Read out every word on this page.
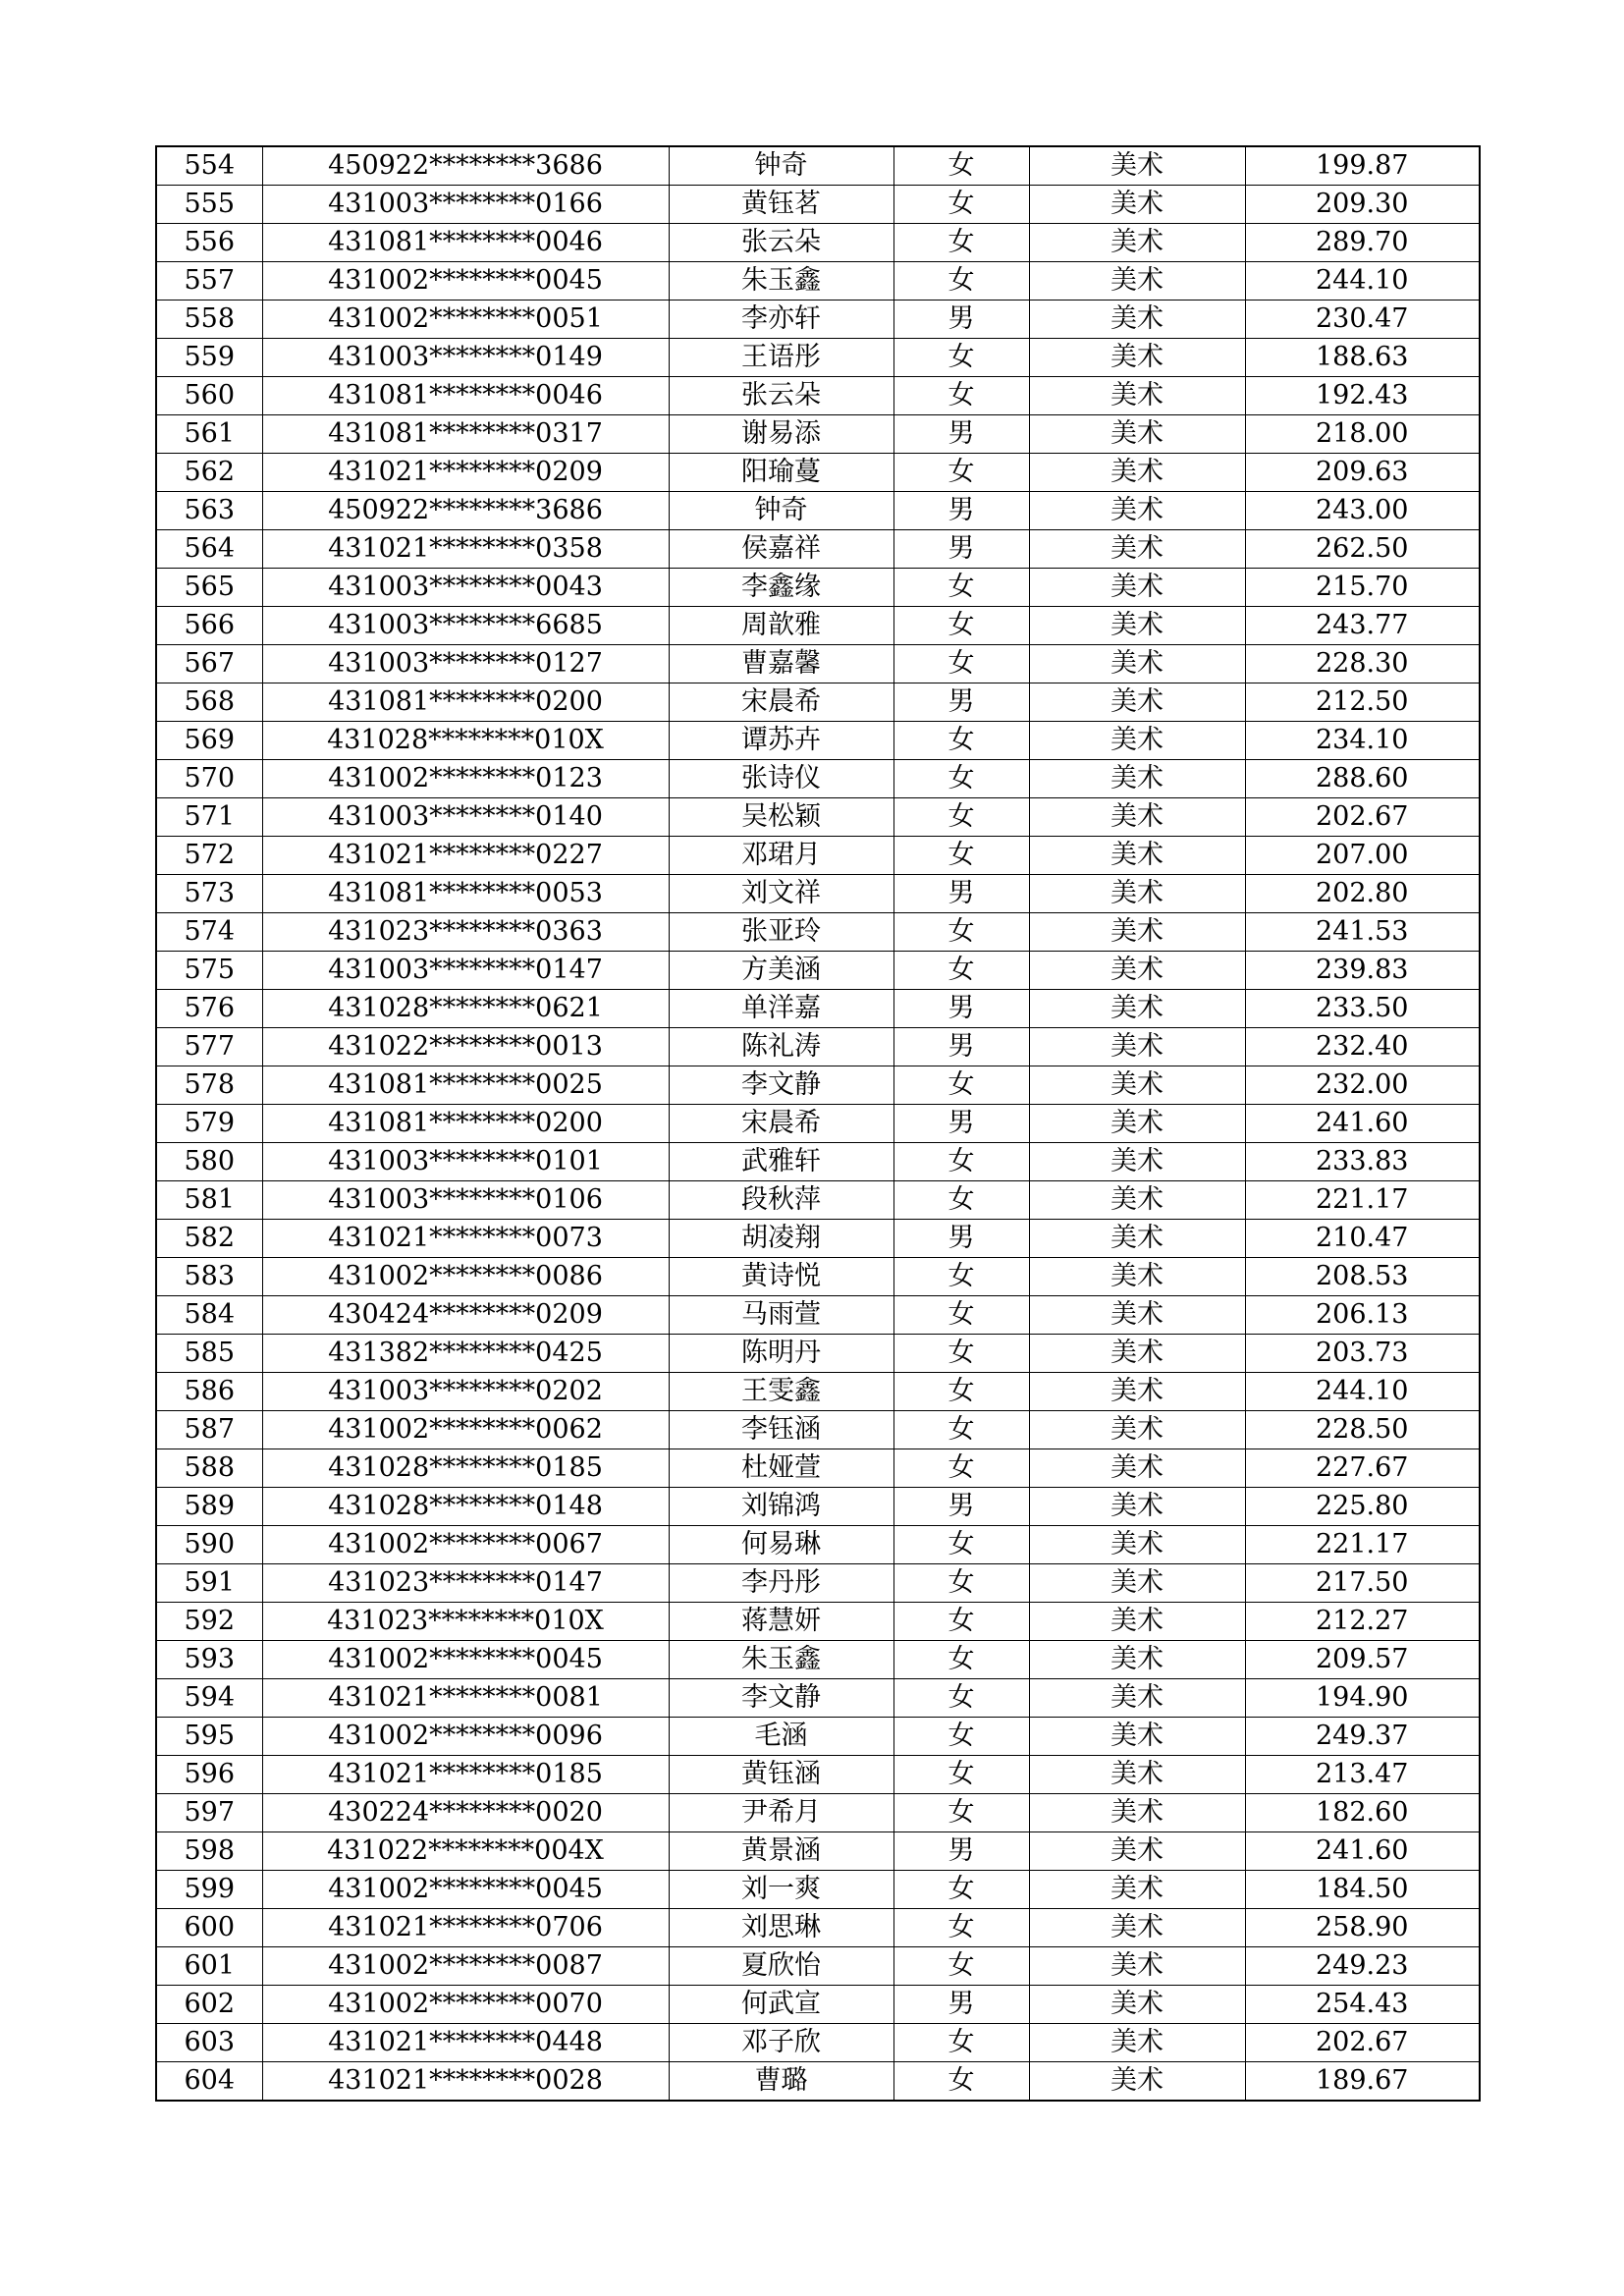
554	450922********3686	钟奇	女	美术	199.87
555	431003********0166	黄钰茗	女	美术	209.30
556	431081********0046	张云朵	女	美术	289.70
557	431002********0045	朱玉鑫	女	美术	244.10
558	431002********0051	李亦轩	男	美术	230.47
559	431003********0149	王语彤	女	美术	188.63
560	431081********0046	张云朵	女	美术	192.43
561	431081********0317	谢易添	男	美术	218.00
562	431021********0209	阳瑜蔓	女	美术	209.63
563	450922********3686	钟奇	男	美术	243.00
564	431021********0358	侯嘉祥	男	美术	262.50
565	431003********0043	李鑫缘	女	美术	215.70
566	431003********6685	周歆雅	女	美术	243.77
567	431003********0127	曹嘉馨	女	美术	228.30
568	431081********0200	宋晨希	男	美术	212.50
569	431028********010X	谭苏卉	女	美术	234.10
570	431002********0123	张诗仪	女	美术	288.60
571	431003********0140	吴松颖	女	美术	202.67
572	431021********0227	邓珺月	女	美术	207.00
573	431081********0053	刘文祥	男	美术	202.80
574	431023********0363	张亚玲	女	美术	241.53
575	431003********0147	方美涵	女	美术	239.83
576	431028********0621	单洋嘉	男	美术	233.50
577	431022********0013	陈礼涛	男	美术	232.40
578	431081********0025	李文静	女	美术	232.00
579	431081********0200	宋晨希	男	美术	241.60
580	431003********0101	武雅轩	女	美术	233.83
581	431003********0106	段秋萍	女	美术	221.17
582	431021********0073	胡凌翔	男	美术	210.47
583	431002********0086	黄诗悦	女	美术	208.53
584	430424********0209	马雨萱	女	美术	206.13
585	431382********0425	陈明丹	女	美术	203.73
586	431003********0202	王雯鑫	女	美术	244.10
587	431002********0062	李钰涵	女	美术	228.50
588	431028********0185	杜娅萱	女	美术	227.67
589	431028********0148	刘锦鸿	男	美术	225.80
590	431002********0067	何易琳	女	美术	221.17
591	431023********0147	李丹彤	女	美术	217.50
592	431023********010X	蒋慧妍	女	美术	212.27
593	431002********0045	朱玉鑫	女	美术	209.57
594	431021********0081	李文静	女	美术	194.90
595	431002********0096	毛涵	女	美术	249.37
596	431021********0185	黄钰涵	女	美术	213.47
597	430224********0020	尹希月	女	美术	182.60
598	431022********004X	黄景涵	男	美术	241.60
599	431002********0045	刘一爽	女	美术	184.50
600	431021********0706	刘思琳	女	美术	258.90
601	431002********0087	夏欣怡	女	美术	249.23
602	431002********0070	何武宣	男	美术	254.43
603	431021********0448	邓子欣	女	美术	202.67
604	431021********0028	曹璐	女	美术	189.67
